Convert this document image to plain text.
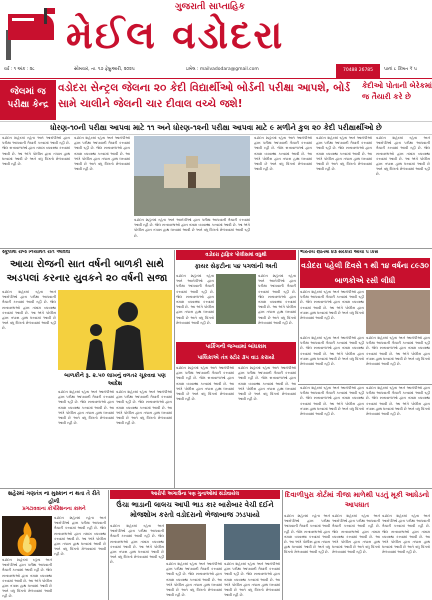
ગુજરાતી સાપ્તાહિક
મેઈલ વડોદરા
વર્ષ : ૧ અંક : ૨૮	સોમવાર, તા. ૧૭ ફેબ્રુઆરી, ૨૦૨૫	ઇમેલ : mailvadodara@gmail.com	પાનાં ૮ કિંમત ₹ ૫
70488 26785
જેલમાં જ પરીક્ષા કેન્દ્ર
વડોદરા સેન્ટ્રલ જેલના ૨૦ કેદી વિદ્યાર્થીઓ બોર્ડની પરીક્ષા આપશે, બોર્ડ સામે ચાલીને જેલની ચાર દીવાલ વચ્ચે જશે!
કેદીઓ પોતાની બેરેકમાં જ તૈયારી કરે છે
ધોરણ-૧૦ની પરીક્ષા આપવા માટે ૧૧ અને ધોરણ-૧૨ની પરીક્ષા આપવા માટે ૯ મળીને કુલ ૨૦ કેદી પરીક્ષાર્થીઓ છે
વડોદરા શહેરમાં રહેતા અને આરોપીઓ દ્વારા પરીક્ષા આપવાની તૈયારી કરવામાં આવી રહી છે. જેલ સત્તાવાળાઓ દ્વારા તમામ વ્યવસ્થા કરવામાં આવી છે. આ અંગે પોલીસ દ્વારા તપાસ હાથ ધરવામાં આવી છે અને વધુ વિગતો મેળવવામાં આવી રહી છે.
વડોદરા શહેરમાં રહેતા અને આરોપીઓ દ્વારા પરીક્ષા આપવાની તૈયારી કરવામાં આવી રહી છે. જેલ સત્તાવાળાઓ દ્વારા તમામ વ્યવસ્થા કરવામાં આવી છે. આ અંગે પોલીસ દ્વારા તપાસ હાથ ધરવામાં આવી છે અને વધુ વિગતો મેળવવામાં આવી રહી છે.
વડોદરા શહેરમાં રહેતા અને આરોપીઓ દ્વારા પરીક્ષા આપવાની તૈયારી કરવામાં આવી રહી છે. જેલ સત્તાવાળાઓ દ્વારા તમામ વ્યવસ્થા કરવામાં આવી છે. આ અંગે પોલીસ દ્વારા તપાસ હાથ ધરવામાં આવી છે અને વધુ વિગતો મેળવવામાં આવી રહી છે.
વડોદરા શહેરમાં રહેતા અને આરોપીઓ દ્વારા પરીક્ષા આપવાની તૈયારી કરવામાં આવી રહી છે. જેલ સત્તાવાળાઓ દ્વારા તમામ વ્યવસ્થા કરવામાં આવી છે. આ અંગે પોલીસ દ્વારા તપાસ હાથ ધરવામાં આવી છે અને વધુ વિગતો મેળવવામાં આવી રહી છે.
વડોદરા શહેરમાં રહેતા અને આરોપીઓ દ્વારા પરીક્ષા આપવાની તૈયારી કરવામાં આવી રહી છે. જેલ સત્તાવાળાઓ દ્વારા તમામ વ્યવસ્થા કરવામાં આવી છે. આ અંગે પોલીસ દ્વારા તપાસ હાથ ધરવામાં આવી છે અને વધુ વિગતો મેળવવામાં આવી રહી છે.
વડોદરા શહેરમાં રહેતા અને આરોપીઓ દ્વારા પરીક્ષા આપવાની તૈયારી કરવામાં આવી રહી છે. જેલ સત્તાવાળાઓ દ્વારા તમામ વ્યવસ્થા કરવામાં આવી છે. આ અંગે પોલીસ દ્વારા તપાસ હાથ ધરવામાં આવી છે અને વધુ વિગતો મેળવવામાં આવી રહી છે.
સ્કૂલમાં રોજ નિયમિત રીતે આવવા
આયા રોજની સાત વર્ષની બાળકી સાથે અડપલાં કરનાર યુવકને ૨૦ વર્ષની સજા
વડોદરા શહેરમાં રહેતા અને આરોપીઓ દ્વારા પરીક્ષા આપવાની તૈયારી કરવામાં આવી રહી છે. જેલ સત્તાવાળાઓ દ્વારા તમામ વ્યવસ્થા કરવામાં આવી છે. આ અંગે પોલીસ દ્વારા તપાસ હાથ ધરવામાં આવી છે અને વધુ વિગતો મેળવવામાં આવી રહી છે.
બાળકીને રૂ. ૨.૫૦ લાખનું વળતર ચૂકવવા પણ આદેશ
વડોદરા શહેરમાં રહેતા અને આરોપીઓ દ્વારા પરીક્ષા આપવાની તૈયારી કરવામાં આવી રહી છે. જેલ સત્તાવાળાઓ દ્વારા તમામ વ્યવસ્થા કરવામાં આવી છે. આ અંગે પોલીસ દ્વારા તપાસ હાથ ધરવામાં આવી છે અને વધુ વિગતો મેળવવામાં આવી રહી છે.
વડોદરા શહેરમાં રહેતા અને આરોપીઓ દ્વારા પરીક્ષા આપવાની તૈયારી કરવામાં આવી રહી છે. જેલ સત્તાવાળાઓ દ્વારા તમામ વ્યવસ્થા કરવામાં આવી છે. આ અંગે પોલીસ દ્વારા તપાસ હાથ ધરવામાં આવી છે અને વધુ વિગતો મેળવવામાં આવી રહી છે.
વડોદરા ટ્રાફિક પોલીસમાં વધુથી
ફાયર સેફટીના ૫૪ પગલાંની અતી
વડોદરા શહેરમાં રહેતા અને આરોપીઓ દ્વારા પરીક્ષા આપવાની તૈયારી કરવામાં આવી રહી છે. જેલ સત્તાવાળાઓ દ્વારા તમામ વ્યવસ્થા કરવામાં આવી છે. આ અંગે પોલીસ દ્વારા તપાસ હાથ ધરવામાં આવી છે અને વધુ વિગતો મેળવવામાં આવી રહી છે.
વડોદરા શહેરમાં રહેતા અને આરોપીઓ દ્વારા પરીક્ષા આપવાની તૈયારી કરવામાં આવી રહી છે. જેલ સત્તાવાળાઓ દ્વારા તમામ વ્યવસ્થા કરવામાં આવી છે. આ અંગે પોલીસ દ્વારા તપાસ હાથ ધરવામાં આવી છે અને વધુ વિગતો મેળવવામાં આવી રહી છે.
પાર્કિંગની જગ્યામાં બાંધકામ
પાલિકાએ તંત્ર સ્ટોર ૩૫ વાડ કરાયો
વડોદરા શહેરમાં રહેતા અને આરોપીઓ દ્વારા પરીક્ષા આપવાની તૈયારી કરવામાં આવી રહી છે. જેલ સત્તાવાળાઓ દ્વારા તમામ વ્યવસ્થા કરવામાં આવી છે. આ અંગે પોલીસ દ્વારા તપાસ હાથ ધરવામાં આવી છે અને વધુ વિગતો મેળવવામાં આવી રહી છે.
વડોદરા શહેરમાં રહેતા અને આરોપીઓ દ્વારા પરીક્ષા આપવાની તૈયારી કરવામાં આવી રહી છે. જેલ સત્તાવાળાઓ દ્વારા તમામ વ્યવસ્થા કરવામાં આવી છે. આ અંગે પોલીસ દ્વારા તપાસ હાથ ધરવામાં આવી છે અને વધુ વિગતો મેળવવામાં આવી રહી છે.
ભારતીય સ્ત્રોતમાં ૪૩ સરકારી આયા ૫ કિસ
વડોદરા પહેલી દિવસે ૧ થી ૧૪ વર્ષના ૮૯૩૦ બાળકોએ રસી લીધી
વડોદરા શહેરમાં રહેતા અને આરોપીઓ દ્વારા પરીક્ષા આપવાની તૈયારી કરવામાં આવી રહી છે. જેલ સત્તાવાળાઓ દ્વારા તમામ વ્યવસ્થા કરવામાં આવી છે. આ અંગે પોલીસ દ્વારા તપાસ હાથ ધરવામાં આવી છે અને વધુ વિગતો મેળવવામાં આવી રહી છે.
વડોદરા શહેરમાં રહેતા અને આરોપીઓ દ્વારા પરીક્ષા આપવાની તૈયારી કરવામાં આવી રહી છે. જેલ સત્તાવાળાઓ દ્વારા તમામ વ્યવસ્થા કરવામાં આવી છે. આ અંગે પોલીસ દ્વારા તપાસ હાથ ધરવામાં આવી છે અને વધુ વિગતો મેળવવામાં આવી રહી છે.
વડોદરા શહેરમાં રહેતા અને આરોપીઓ દ્વારા પરીક્ષા આપવાની તૈયારી કરવામાં આવી રહી છે. જેલ સત્તાવાળાઓ દ્વારા તમામ વ્યવસ્થા કરવામાં આવી છે. આ અંગે પોલીસ દ્વારા તપાસ હાથ ધરવામાં આવી છે અને વધુ વિગતો મેળવવામાં આવી રહી છે.
વડોદરા શહેરમાં રહેતા અને આરોપીઓ દ્વારા પરીક્ષા આપવાની તૈયારી કરવામાં આવી રહી છે. જેલ સત્તાવાળાઓ દ્વારા તમામ વ્યવસ્થા કરવામાં આવી છે. આ અંગે પોલીસ દ્વારા તપાસ હાથ ધરવામાં આવી છે અને વધુ વિગતો મેળવવામાં આવી રહી છે.
વડોદરા શહેરમાં રહેતા અને આરોપીઓ દ્વારા પરીક્ષા આપવાની તૈયારી કરવામાં આવી રહી છે. જેલ સત્તાવાળાઓ દ્વારા તમામ વ્યવસ્થા કરવામાં આવી છે. આ અંગે પોલીસ દ્વારા તપાસ હાથ ધરવામાં આવી છે અને વધુ વિગતો મેળવવામાં આવી રહી છે.
શહેરમાં ગણતંત્ર ના મુસ્કાન ન થતા તે રીતે હોળી
પ્રગટાવવાના કોર્પોરેશનના કામને
વડોદરા શહેરમાં રહેતા અને આરોપીઓ દ્વારા પરીક્ષા આપવાની તૈયારી કરવામાં આવી રહી છે. જેલ સત્તાવાળાઓ દ્વારા તમામ વ્યવસ્થા કરવામાં આવી છે. આ અંગે પોલીસ દ્વારા તપાસ હાથ ધરવામાં આવી છે અને વધુ વિગતો મેળવવામાં આવી રહી છે.
વડોદરા શહેરમાં રહેતા અને આરોપીઓ દ્વારા પરીક્ષા આપવાની તૈયારી કરવામાં આવી રહી છે. જેલ સત્તાવાળાઓ દ્વારા તમામ વ્યવસ્થા કરવામાં આવી છે. આ અંગે પોલીસ દ્વારા તપાસ હાથ ધરવામાં આવી છે અને વધુ વિગતો મેળવવામાં આવી રહી છે.
આરોપી અગાઉના પણ ગુનાઓમાં સંડોવાયેલ
ઉંચા ભાડાની લાલચ આપી ભાડ કાર બારોબાર વેચી દઈને મોજશોખ કરતો વડોદરાનો ભેજાબાજ ઝડપાયો
વડોદરા શહેરમાં રહેતા અને આરોપીઓ દ્વારા પરીક્ષા આપવાની તૈયારી કરવામાં આવી રહી છે. જેલ સત્તાવાળાઓ દ્વારા તમામ વ્યવસ્થા કરવામાં આવી છે. આ અંગે પોલીસ દ્વારા તપાસ હાથ ધરવામાં આવી છે અને વધુ વિગતો મેળવવામાં આવી રહી છે.	વડોદરા શહેરમાં રહેતા અને આરોપીઓ દ્વારા પરીક્ષા આપવાની તૈયારી કરવામાં આવી રહી છે. જેલ સત્તાવાળાઓ દ્વારા તમામ વ્યવસ્થા કરવામાં આવી છે. આ અંગે પોલીસ દ્વારા તપાસ હાથ ધરવામાં આવી છે અને વધુ વિગતો મેળવવામાં આવી રહી છે.
વડોદરા શહેરમાં રહેતા અને આરોપીઓ દ્વારા પરીક્ષા આપવાની તૈયારી કરવામાં આવી રહી છે. જેલ સત્તાવાળાઓ દ્વારા તમામ વ્યવસ્થા કરવામાં આવી છે. આ અંગે પોલીસ દ્વારા તપાસ હાથ ધરવામાં આવી છે અને વધુ વિગતો મેળવવામાં આવી રહી છે.
દિવાળીપુરા કોર્ટમાં ત્રીજા માળેથી પડતું મૂકી આધેડનો આપઘાત
વડોદરા શહેરમાં રહેતા અને આરોપીઓ દ્વારા પરીક્ષા આપવાની તૈયારી કરવામાં આવી રહી છે. જેલ સત્તાવાળાઓ દ્વારા તમામ વ્યવસ્થા કરવામાં આવી છે. આ અંગે પોલીસ દ્વારા તપાસ હાથ ધરવામાં આવી છે અને વધુ વિગતો મેળવવામાં આવી રહી છે.
વડોદરા શહેરમાં રહેતા અને આરોપીઓ દ્વારા પરીક્ષા આપવાની તૈયારી કરવામાં આવી રહી છે. જેલ સત્તાવાળાઓ દ્વારા તમામ વ્યવસ્થા કરવામાં આવી છે. આ અંગે પોલીસ દ્વારા તપાસ હાથ ધરવામાં આવી છે અને વધુ વિગતો મેળવવામાં આવી રહી છે.
વડોદરા શહેરમાં રહેતા અને આરોપીઓ દ્વારા પરીક્ષા આપવાની તૈયારી કરવામાં આવી રહી છે. જેલ સત્તાવાળાઓ દ્વારા તમામ વ્યવસ્થા કરવામાં આવી છે. આ અંગે પોલીસ દ્વારા તપાસ હાથ ધરવામાં આવી છે અને વધુ વિગતો મેળવવામાં આવી રહી છે.
